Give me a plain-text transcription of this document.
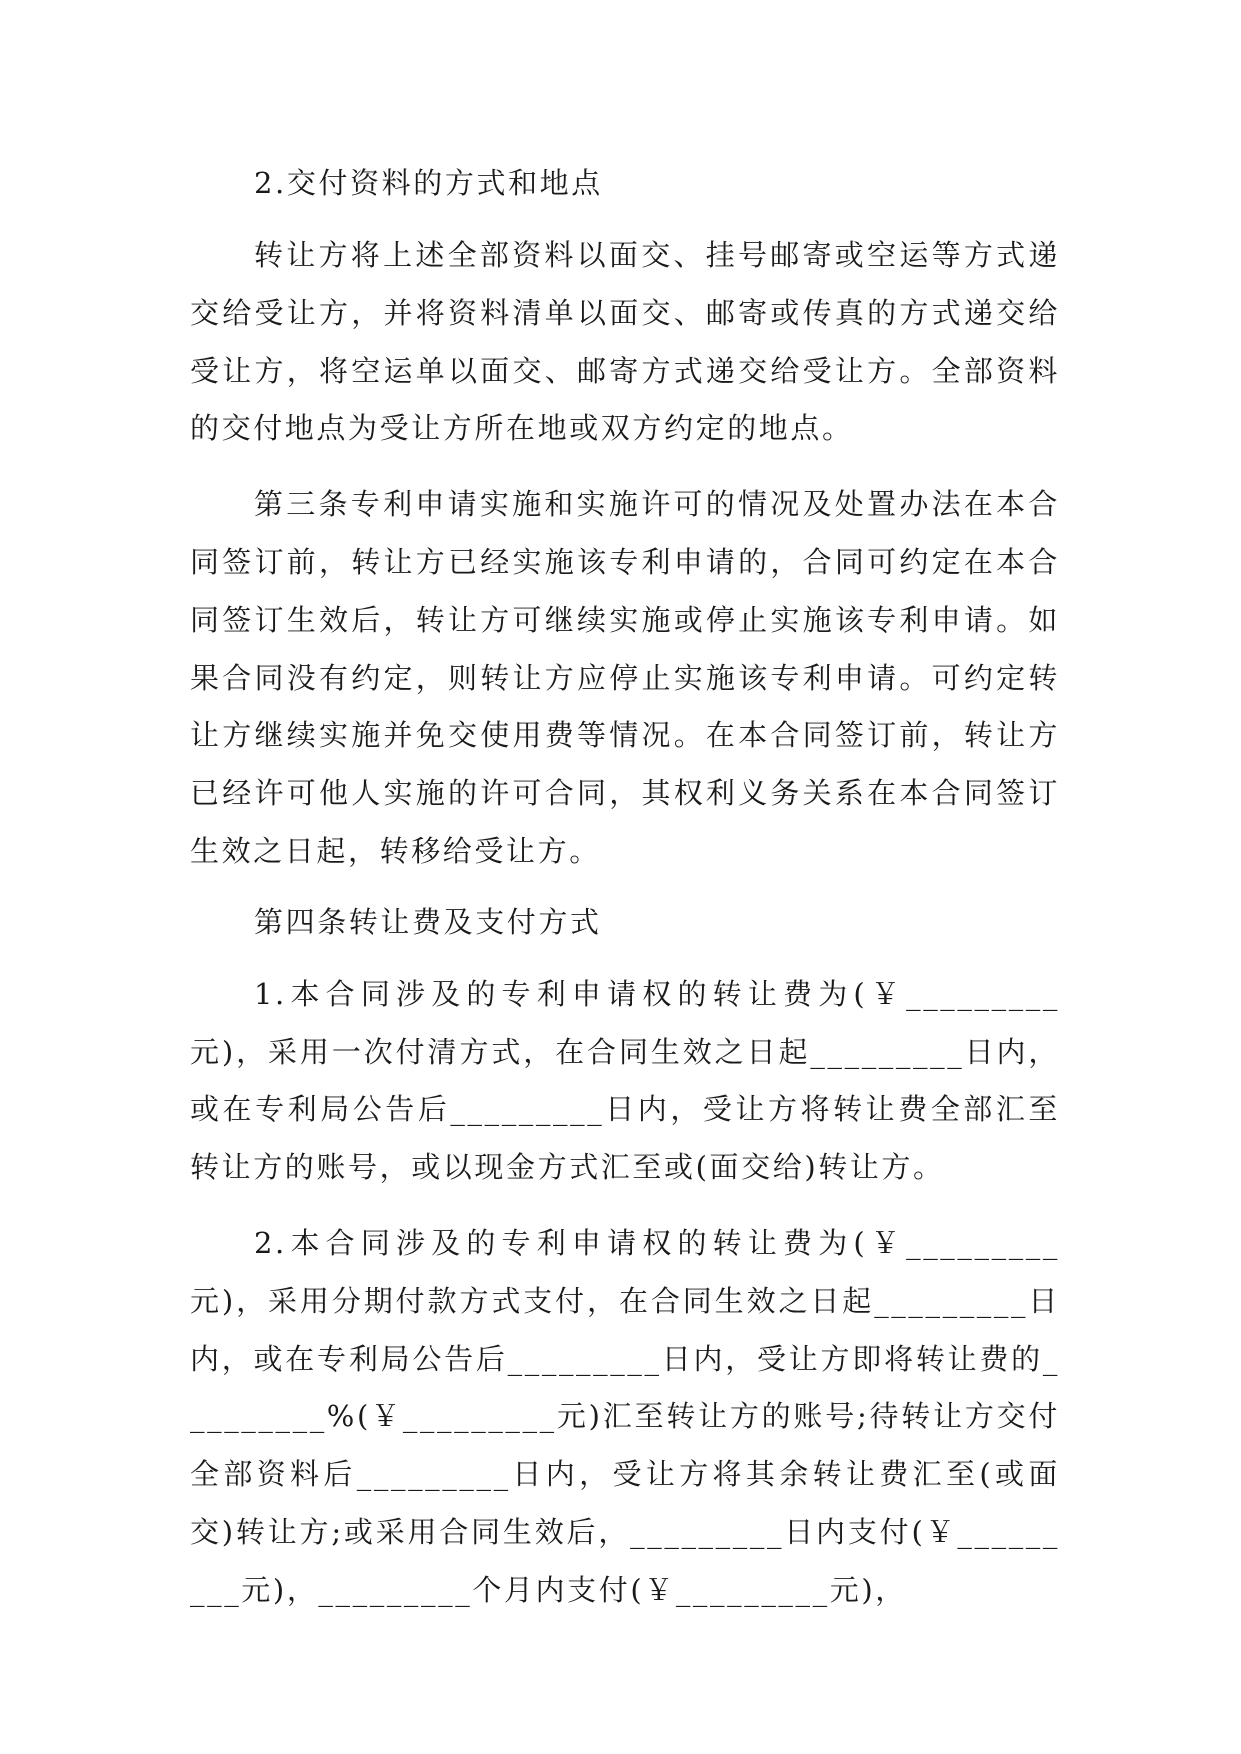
2.交付资料的方式和地点

转让方将上述全部资料以面交、挂号邮寄或空运等方式递交给受让方，并将资料清单以面交、邮寄或传真的方式递交给受让方，将空运单以面交、邮寄方式递交给受让方。全部资料的交付地点为受让方所在地或双方约定的地点。

第三条专利申请实施和实施许可的情况及处置办法在本合同签订前，转让方已经实施该专利申请的，合同可约定在本合同签订生效后，转让方可继续实施或停止实施该专利申请。如果合同没有约定，则转让方应停止实施该专利申请。可约定转让方继续实施并免交使用费等情况。在本合同签订前，转让方已经许可他人实施的许可合同，其权利义务关系在本合同签订生效之日起，转移给受让方。

第四条转让费及支付方式

1.本合同涉及的专利申请权的转让费为(￥_________元)，采用一次付清方式，在合同生效之日起_________日内，或在专利局公告后_________日内，受让方将转让费全部汇至转让方的账号，或以现金方式汇至或(面交给)转让方。

2.本合同涉及的专利申请权的转让费为(￥_________元)，采用分期付款方式支付，在合同生效之日起_________日内，或在专利局公告后_________日内，受让方即将转让费的_________%(￥_________元)汇至转让方的账号;待转让方交付全部资料后_________日内，受让方将其余转让费汇至(或面交)转让方;或采用合同生效后，_________日内支付(￥_________元)，_________个月内支付(￥_________元)，
